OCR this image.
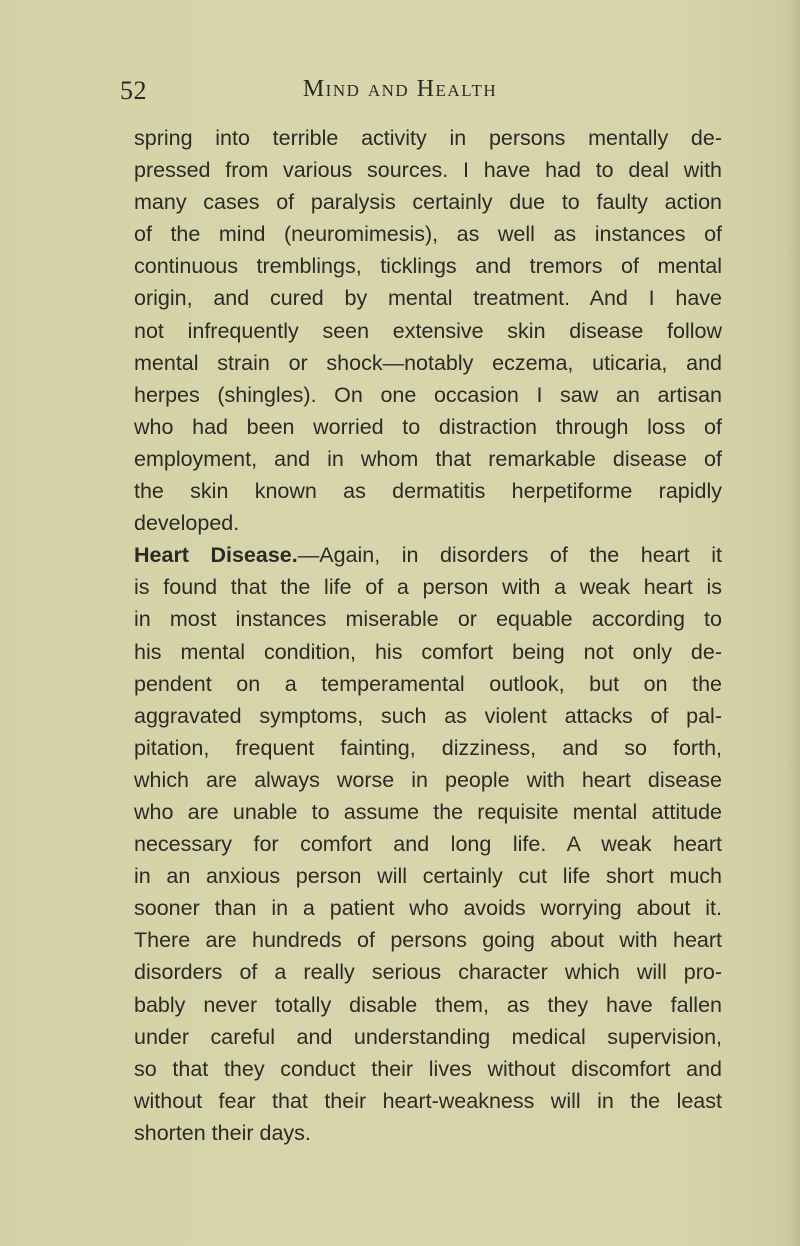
52	Mind and Health
spring into terrible activity in persons mentally de-
pressed from various sources. I have had to deal with
many cases of paralysis certainly due to faulty action
of the mind (neuromimesis), as well as instances of
continuous tremblings, ticklings and tremors of mental
origin, and cured by mental treatment. And I have
not infrequently seen extensive skin disease follow
mental strain or shock—notably eczema, uticaria, and
herpes (shingles). On one occasion I saw an artisan
who had been worried to distraction through loss of
employment, and in whom that remarkable disease of
the skin known as dermatitis herpetiforme rapidly
developed.
Heart Disease.—Again, in disorders of the heart it
is found that the life of a person with a weak heart is
in most instances miserable or equable according to
his mental condition, his comfort being not only de-
pendent on a temperamental outlook, but on the
aggravated symptoms, such as violent attacks of pal-
pitation, frequent fainting, dizziness, and so forth,
which are always worse in people with heart disease
who are unable to assume the requisite mental attitude
necessary for comfort and long life. A weak heart
in an anxious person will certainly cut life short much
sooner than in a patient who avoids worrying about it.
There are hundreds of persons going about with heart
disorders of a really serious character which will pro-
bably never totally disable them, as they have fallen
under careful and understanding medical supervision,
so that they conduct their lives without discomfort and
without fear that their heart-weakness will in the least
shorten their days.
